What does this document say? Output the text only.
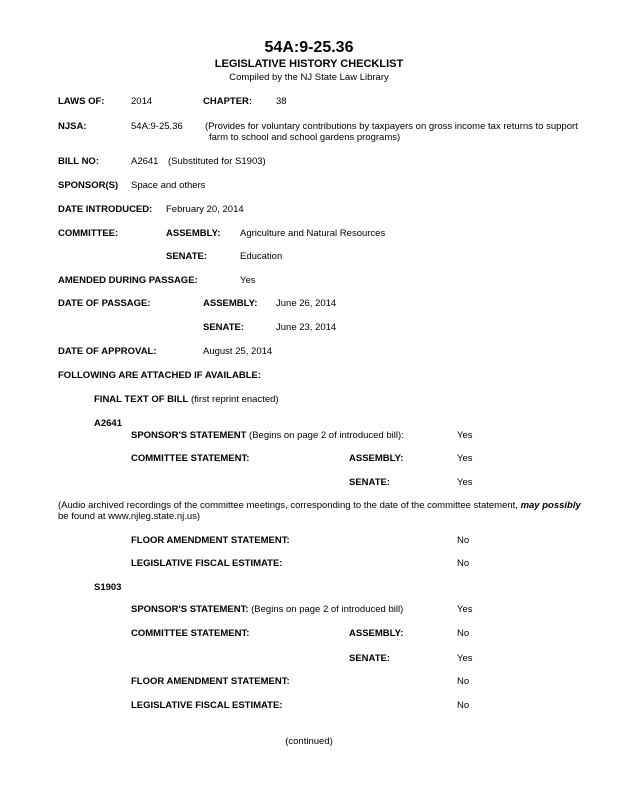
54A:9-25.36
LEGISLATIVE HISTORY CHECKLIST
Compiled by the NJ State Law Library
LAWS OF:	2014	CHAPTER:	38
NJSA:	54A:9-25.36 (Provides for voluntary contributions by taxpayers on gross income tax returns to support
farm to school and school gardens programs)
BILL NO:	A2641 (Substituted for S1903)
SPONSOR(S) Space and others
DATE INTRODUCED: February 20, 2014
COMMITTEE:	ASSEMBLY: Agriculture and Natural Resources
SENATE:	Education
AMENDED DURING PASSAGE:	Yes
DATE OF PASSAGE:	ASSEMBLY: June 26, 2014
SENATE:	June 23, 2014
DATE OF APPROVAL:	August 25, 2014
FOLLOWING ARE ATTACHED IF AVAILABLE:
FINAL TEXT OF BILL (first reprint enacted)
A2641
SPONSOR'S STATEMENT (Begins on page 2 of introduced bill):	Yes
COMMITTEE STATEMENT:	ASSEMBLY:	Yes
SENATE:	Yes
(Audio archived recordings of the committee meetings, corresponding to the date of the committee statement, may possibly
be found at www.njleg.state.nj.us)
FLOOR AMENDMENT STATEMENT:	No
LEGISLATIVE FISCAL ESTIMATE:	No
S1903
SPONSOR'S STATEMENT: (Begins on page 2 of introduced bill)	Yes
COMMITTEE STATEMENT:	ASSEMBLY:	No
SENATE:	Yes
FLOOR AMENDMENT STATEMENT:	No
LEGISLATIVE FISCAL ESTIMATE:	No
(continued)
